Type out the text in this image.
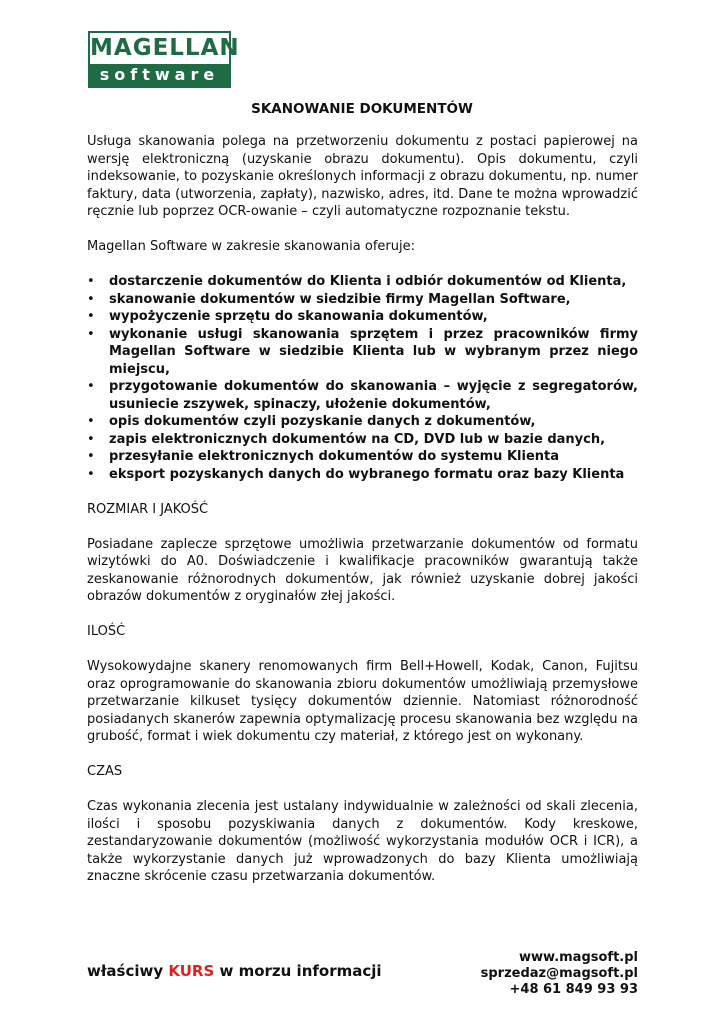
MAGELLAN
software
SKANOWANIE DOKUMENTÓW

Usługa skanowania polega na przetworzeniu dokumentu z postaci papierowej na wersję elektroniczną (uzyskanie obrazu dokumentu). Opis dokumentu, czyli indeksowanie, to pozyskanie określonych informacji z obrazu dokumentu, np. numer faktury, data (utworzenia, zapłaty), nazwisko, adres, itd. Dane te można wprowadzić ręcznie lub poprzez OCR-owanie – czyli automatyczne rozpoznanie tekstu.

Magellan Software w zakresie skanowania oferuje:

• dostarczenie dokumentów do Klienta i odbiór dokumentów od Klienta,
• skanowanie dokumentów w siedzibie firmy Magellan Software,
• wypożyczenie sprzętu do skanowania dokumentów,
• wykonanie usługi skanowania sprzętem i przez pracowników firmy Magellan Software w siedzibie Klienta lub w wybranym przez niego miejscu,
• przygotowanie dokumentów do skanowania – wyjęcie z segregatorów, usuniecie zszywek, spinaczy, ułożenie dokumentów,
• opis dokumentów czyli pozyskanie danych z dokumentów,
• zapis elektronicznych dokumentów na CD, DVD lub w bazie danych,
• przesyłanie elektronicznych dokumentów do systemu Klienta
• eksport pozyskanych danych do wybranego formatu oraz bazy Klienta
ROZMIAR I JAKOŚĆ

Posiadane zaplecze sprzętowe umożliwia przetwarzanie dokumentów od formatu wizytówki do A0. Doświadczenie i kwalifikacje pracowników gwarantują także zeskanowanie różnorodnych dokumentów, jak również uzyskanie dobrej jakości obrazów dokumentów z oryginałów złej jakości.

ILOŚĆ

Wysokowydajne skanery renomowanych firm Bell+Howell, Kodak, Canon, Fujitsu oraz oprogramowanie do skanowania zbioru dokumentów umożliwiają przemysłowe przetwarzanie kilkuset tysięcy dokumentów dziennie. Natomiast różnorodność posiadanych skanerów zapewnia optymalizację procesu skanowania bez względu na grubość, format i wiek dokumentu czy materiał, z którego jest on wykonany.

CZAS

Czas wykonania zlecenia jest ustalany indywidualnie w zależności od skali zlecenia, ilości i sposobu pozyskiwania danych z dokumentów. Kody kreskowe, zestandaryzowanie dokumentów (możliwość wykorzystania modułów OCR i ICR), a także wykorzystanie danych już wprowadzonych do bazy Klienta umożliwiają znaczne skrócenie czasu przetwarzania dokumentów.

właściwy KURS w morzu informacji
www.magsoft.pl
sprzedaz@magsoft.pl
+48 61 849 93 93
